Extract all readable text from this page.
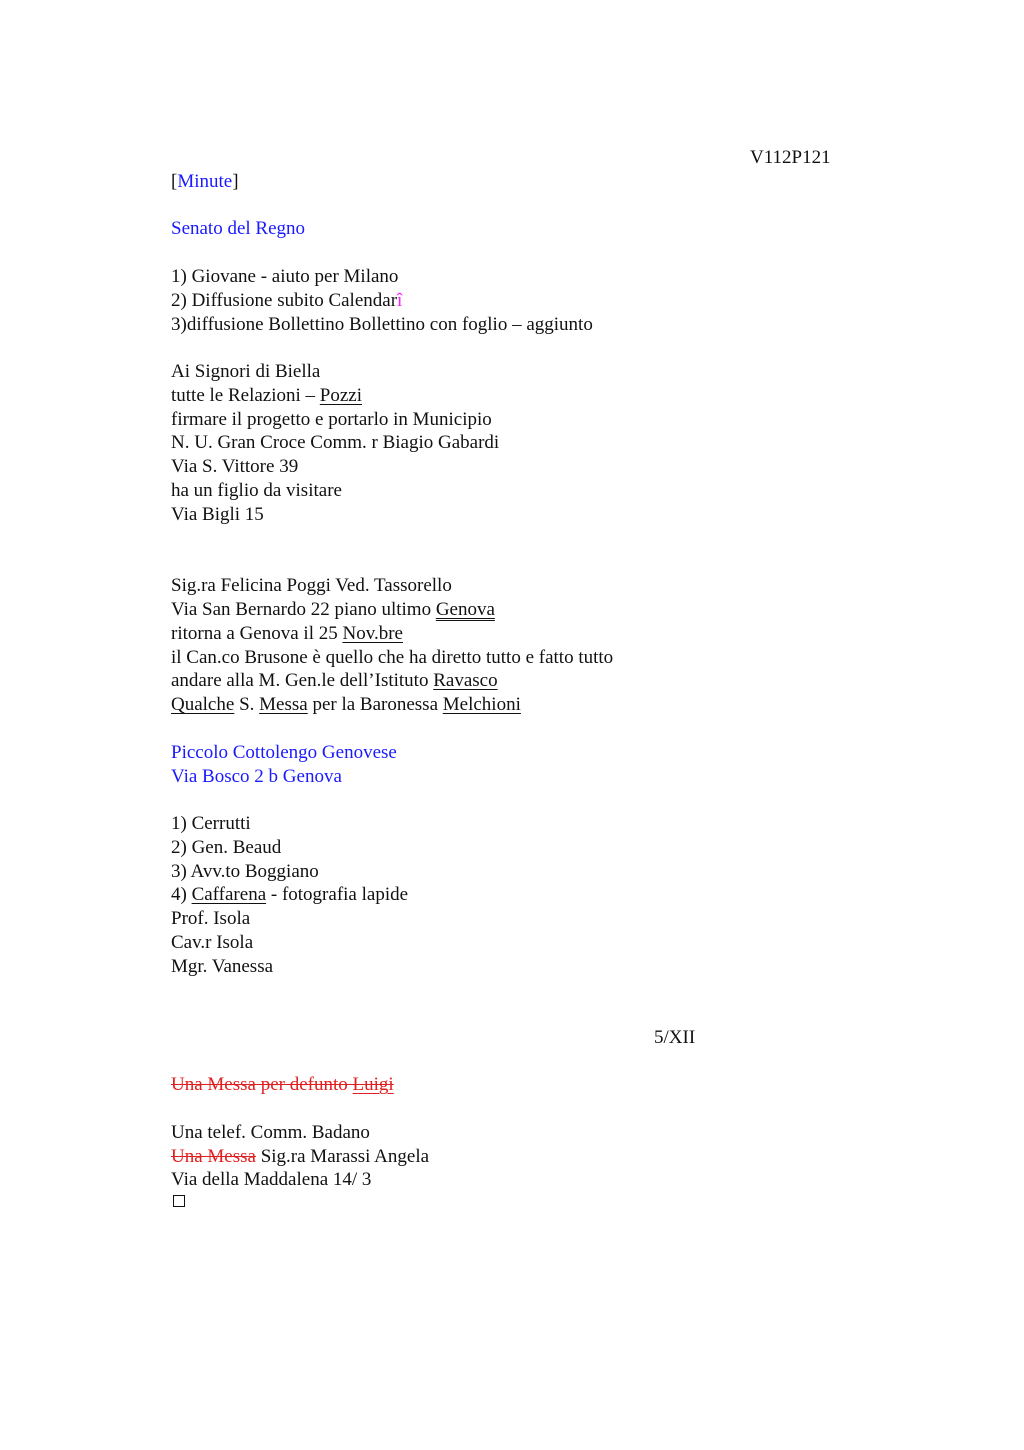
V112P121
[Minute]
Senato del Regno
1) Giovane - aiuto per Milano
2) Diffusione subito Calendarî
3)diffusione Bollettino Bollettino con foglio – aggiunto
Ai Signori di Biella
tutte le Relazioni – Pozzi
firmare il progetto e portarlo in Municipio
N. U. Gran Croce Comm. r Biagio Gabardi
Via S. Vittore 39
ha un figlio da visitare
Via Bigli 15
Sig.ra Felicina Poggi Ved. Tassorello
Via San Bernardo 22 piano ultimo Genova
ritorna a Genova il 25 Nov.bre
il Can.co Brusone è quello che ha diretto tutto e fatto tutto
andare alla M. Gen.le dell’Istituto Ravasco
Qualche S. Messa per la Baronessa Melchioni
Piccolo Cottolengo Genovese
Via Bosco 2 b Genova
1) Cerrutti
2) Gen. Beaud
3) Avv.to Boggiano
4) Caffarena - fotografia lapide
Prof. Isola
Cav.r Isola
Mgr. Vanessa
5/XII
Una Messa per defunto Luigi
Una telef. Comm. Badano
Una Messa Sig.ra Marassi Angela
Via della Maddalena 14/ 3
